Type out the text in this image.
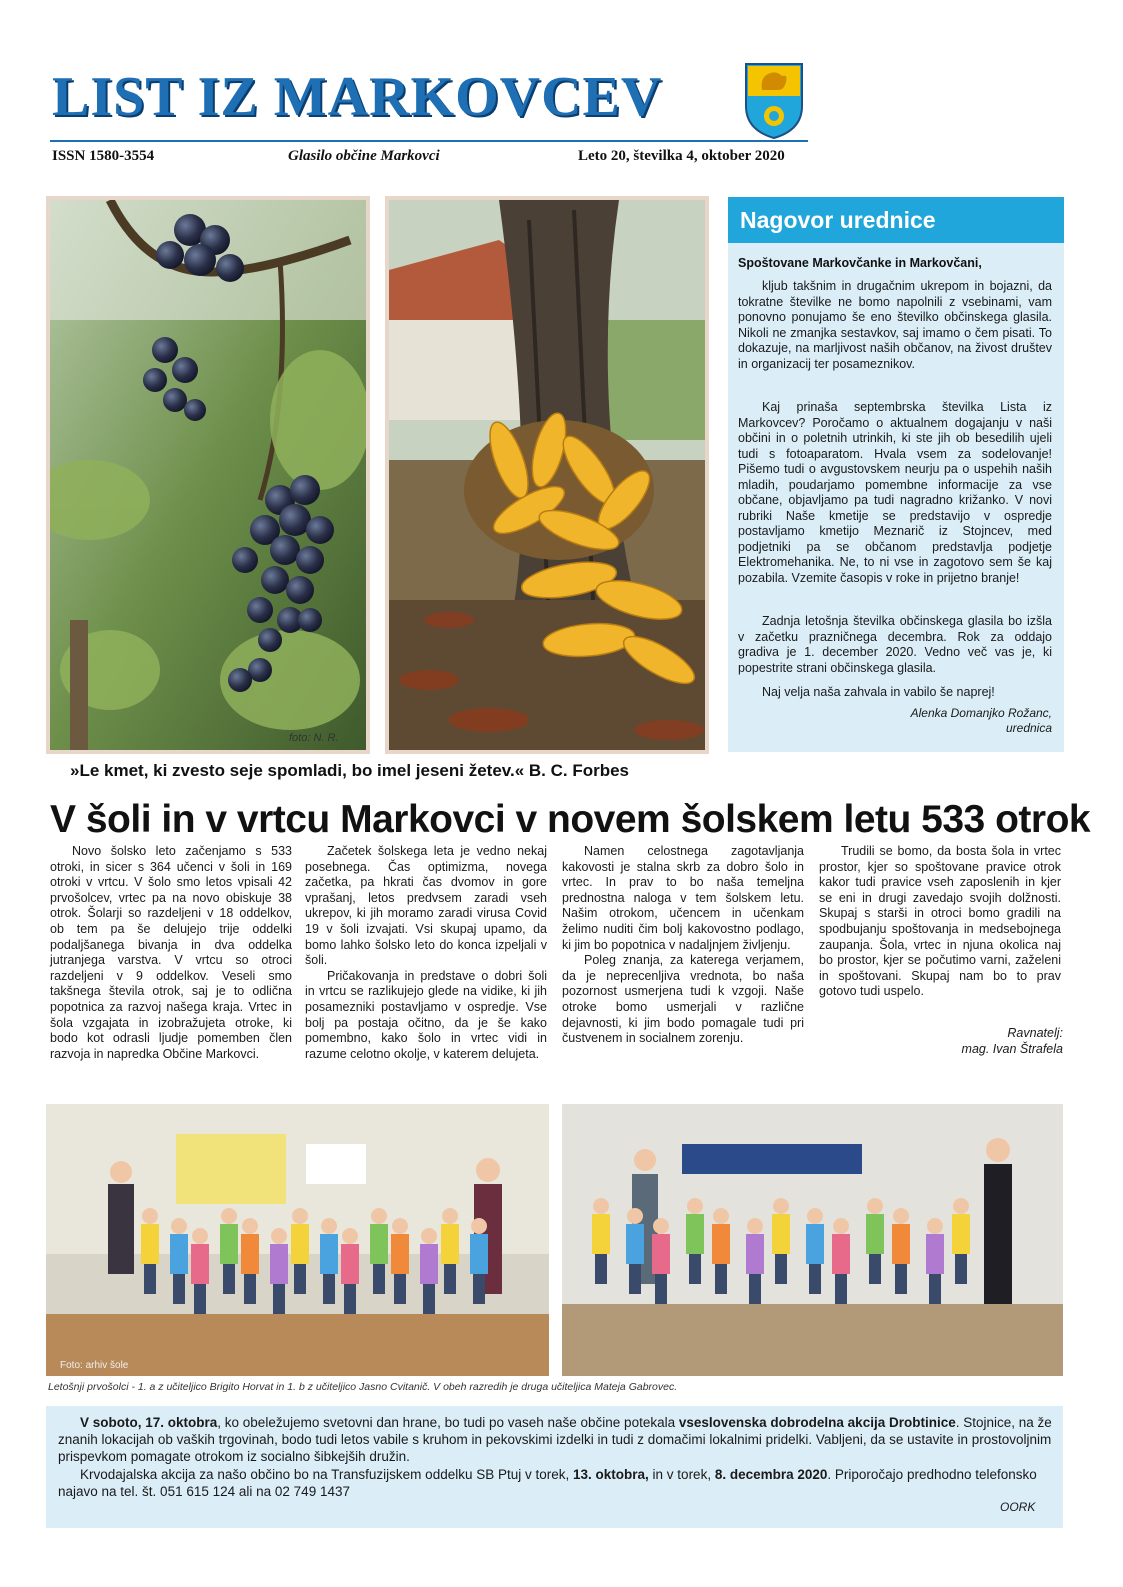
LIST IZ MARKOVCEV
ISSN 1580-3554	Glasilo občine Markovci	Leto 20, številka 4, oktober 2020
foto: N. R.
Nagovor urednice
Spoštovane Markovčanke in Markovčani,

kljub takšnim in drugačnim ukrepom in bojazni, da tokratne številke ne bomo napolnili z vsebinami, vam ponovno ponujamo še eno številko občinskega glasila. Nikoli ne zmanjka sestavkov, saj imamo o čem pisati. To dokazuje, na marljivost naših občanov, na živost društev in organizacij ter posameznikov.

Kaj prinaša septembrska številka Lista iz Markovcev? Poročamo o aktualnem dogajanju v naši občini in o poletnih utrinkih, ki ste jih ob besedilih ujeli tudi s fotoaparatom. Hvala vsem za sodelovanje! Pišemo tudi o avgustovskem neurju pa o uspehih naših mladih, poudarjamo pomembne informacije za vse občane, objavljamo pa tudi nagradno križanko. V novi rubriki Naše kmetije se predstavijo v ospredje postavljamo kmetijo Meznarič iz Stojncev, med podjetniki pa se občanom predstavlja podjetje Elektromehanika. Ne, to ni vse in zagotovo sem še kaj pozabila. Vzemite časopis v roke in prijetno branje!

Zadnja letošnja številka občinskega glasila bo izšla v začetku prazničnega decembra. Rok za oddajo gradiva je 1. december 2020. Vedno več vas je, ki popestrite strani občinskega glasila.

Naj velja naša zahvala in vabilo še naprej!

Alenka Domanjko Rožanc,
urednica
»Le kmet, ki zvesto seje spomladi, bo imel jeseni žetev.« B. C. Forbes
V šoli in v vrtcu Markovci v novem šolskem letu 533 otrok

Novo šolsko leto začenjamo s 533 otroki, in sicer s 364 učenci v šoli in 169 otroki v vrtcu. V šolo smo letos vpisali 42 prvošolcev, vrtec pa na novo obiskuje 38 otrok. Šolarji so razdeljeni v 18 oddelkov, ob tem pa še delujejo trije oddelki podaljšanega bivanja in dva oddelka jutranjega varstva. V vrtcu so otroci razdeljeni v 9 oddelkov. Veseli smo takšnega števila otrok, saj je to odlična popotnica za razvoj našega kraja. Vrtec in šola vzgajata in izobražujeta otroke, ki bodo kot odrasli ljudje pomemben člen razvoja in napredka Občine Markovci.

Začetek šolskega leta je vedno nekaj posebnega. Čas optimizma, novega začetka, pa hkrati čas dvomov in gore vprašanj, letos predvsem zaradi vseh ukrepov, ki jih moramo zaradi virusa Covid 19 v šoli izvajati. Vsi skupaj upamo, da bomo lahko šolsko leto do konca izpeljali v šoli.

Pričakovanja in predstave o dobri šoli in vrtcu se razlikujejo glede na vidike, ki jih posamezniki postavljamo v ospredje. Vse bolj pa postaja očitno, da je še kako pomembno, kako šolo in vrtec vidi in razume celotno okolje, v katerem delujeta.

Namen celostnega zagotavljanja kakovosti je stalna skrb za dobro šolo in vrtec. In prav to bo naša temeljna prednostna naloga v tem šolskem letu. Našim otrokom, učencem in učenkam želimo nuditi čim bolj kakovostno podlago, ki jim bo popotnica v nadaljnjem življenju.

Poleg znanja, za katerega verjamem, da je neprecenljiva vrednota, bo naša pozornost usmerjena tudi k vzgoji. Naše otroke bomo usmerjali v različne dejavnosti, ki jim bodo pomagale tudi pri čustvenem in socialnem zorenju.

Trudili se bomo, da bosta šola in vrtec prostor, kjer so spoštovane pravice otrok kakor tudi pravice vseh zaposlenih in kjer se eni in drugi zavedajo svojih dolžnosti. Skupaj s starši in otroci bomo gradili na spodbujanju spoštovanja in medsebojnega zaupanja. Šola, vrtec in njuna okolica naj bo prostor, kjer se počutimo varni, zaželeni in spoštovani. Skupaj nam bo to prav gotovo tudi uspelo.

Ravnatelj:
mag. Ivan Štrafela
Foto: arhiv šole
Letošnji prvošolci - 1. a z učiteljico Brigito Horvat in 1. b z učiteljico Jasno Cvitanič. V obeh razredih je druga učiteljica Mateja Gabrovec.

V soboto, 17. oktobra, ko obeležujemo svetovni dan hrane, bo tudi po vaseh naše občine potekala vseslovenska dobrodelna akcija Drobtinice. Stojnice, na že znanih lokacijah ob vaških trgovinah, bodo tudi letos vabile s kruhom in pekovskimi izdelki in tudi z domačimi lokalnimi pridelki. Vabljeni, da se ustavite in prostovoljnim prispevkom pomagate otrokom iz socialno šibkejših družin.

Krvodajalska akcija za našo občino bo na Transfuzijskem oddelku SB Ptuj v torek, 13. oktobra, in v torek, 8. decembra 2020. Priporočajo predhodno telefonsko najavo na tel. št. 051 615 124 ali na 02 749 1437

OORK
